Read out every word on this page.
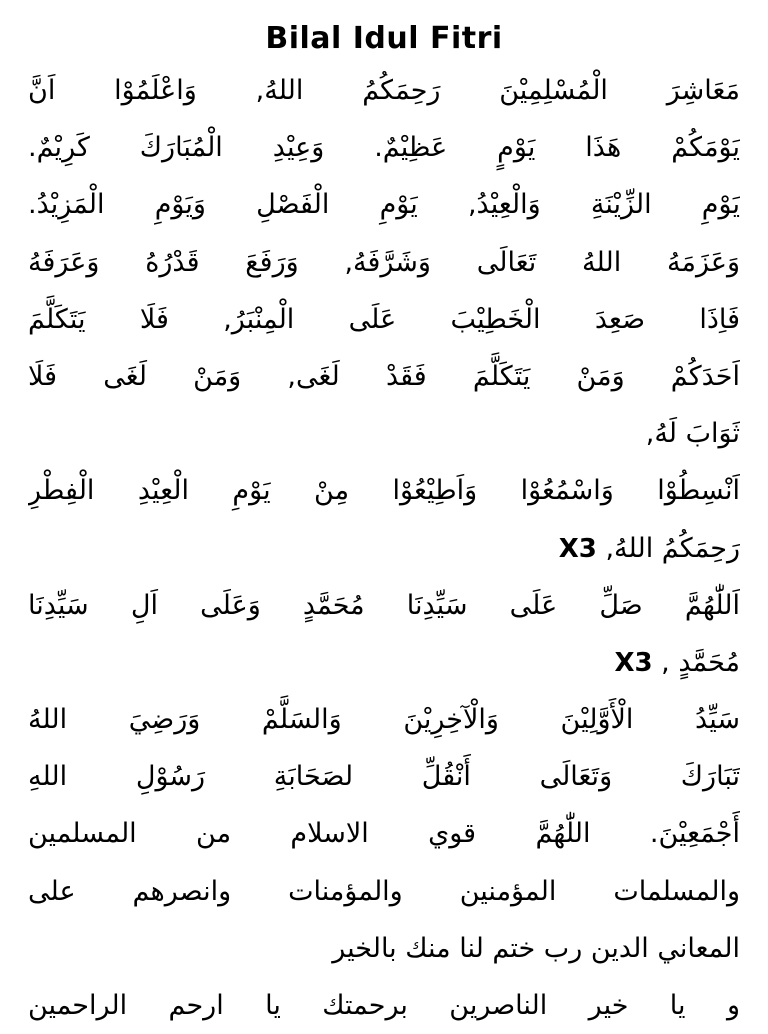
Bilal Idul Fitri
مَعَاشِرَ الْمُسْلِمِيْنَ رَحِمَكُمُ اللهُ, وَاعْلَمُوْا اَنَّ
يَوْمَكُمْ هَذَا يَوْمٍ عَظِيْمٌ. وَعِيْدِ الْمُبَارَكَ كَرِيْمٌ.
يَوْمِ الزِّيْنَةِ وَالْعِيْدُ, يَوْمِ الْفَصْلِ وَيَوْمِ الْمَزِيْدُ.
وَعَزَمَهُ اللهُ تَعَالَى وَشَرَّفَهُ, وَرَفَعَ قَدْرُهُ وَعَرَفَهُ
فَاِذَا صَعِدَ الْخَطِيْبَ عَلَى الْمِنْبَرُ, فَلَا يَتَكَلَّمَ
اَحَدَكُمْ وَمَنْ يَتَكَلَّمَ فَقَدْ لَغَى, وَمَنْ لَغَى فَلَا
ثَوَابَ لَهُ,
اَنْسِطُوْا وَاسْمُعُوْا وَاَطِيْعُوْا مِنْ يَوْمِ الْعِيْدِ الْفِطْرِ
رَحِمَكُمُ اللهُ, X3
اَللّٰهُمَّ صَلِّ عَلَى سَيِّدِنَا مُحَمَّدٍ وَعَلَى اَلِ سَيِّدِنَا
مُحَمَّدٍ , X3
سَيِّدُ الْأَوَّلِيْنَ وَالْآخِرِيْنَ وَالسَلَّمْ وَرَضِيَ اللهُ
تَبَارَكَ وَتَعَالَى أَنْقُلِّ لصَحَابَةِ رَسُوْلِ اللهِ
أَجْمَعِيْنَ. اللّٰهُمَّ قوي الاسلام من المسلمين
والمسلمات المؤمنين والمؤمنات وانصرهم على
المعاني الدين رب ختم لنا منك بالخير
و يا خير الناصرين برحمتك يا ارحم الراحمين
